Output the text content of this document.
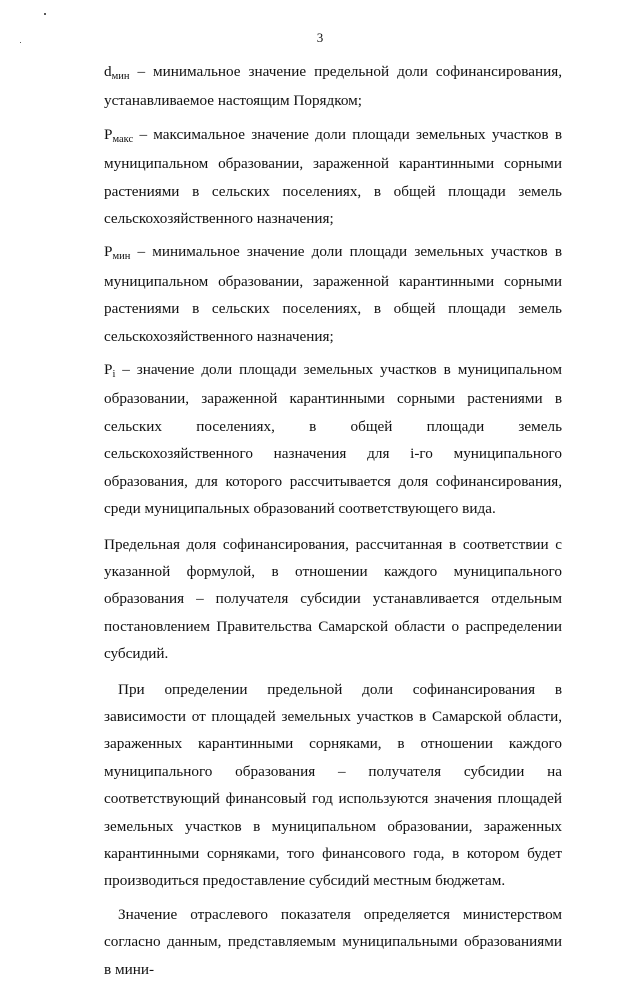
3

dмин – минимальное значение предельной доли софинансирования, устанавливаемое настоящим Порядком;

Pмакс – максимальное значение доли площади земельных участков в муниципальном образовании, зараженной карантинными сорными растениями в сельских поселениях, в общей площади земель сельскохозяйственного назначения;

Pмин – минимальное значение доли площади земельных участков в муниципальном образовании, зараженной карантинными сорными растениями в сельских поселениях, в общей площади земель сельскохозяйственного назначения;

Pi – значение доли площади земельных участков в муниципальном образовании, зараженной карантинными сорными растениями в сельских поселениях, в общей площади земель сельскохозяйственного назначения для i-го муниципального образования, для которого рассчитывается доля софинансирования, среди муниципальных образований соответствующего вида.

Предельная доля софинансирования, рассчитанная в соответствии с указанной формулой, в отношении каждого муниципального образования – получателя субсидии устанавливается отдельным постановлением Правительства Самарской области о распределении субсидий.

При определении предельной доли софинансирования в зависимости от площадей земельных участков в Самарской области, зараженных карантинными сорняками, в отношении каждого муниципального образования – получателя субсидии на соответствующий финансовый год используются значения площадей земельных участков в муниципальном образовании, зараженных карантинными сорняками, того финансового года, в котором будет производиться предоставление субсидий местным бюджетам.

Значение отраслевого показателя определяется министерством согласно данным, представляемым муниципальными образованиями в мини-
